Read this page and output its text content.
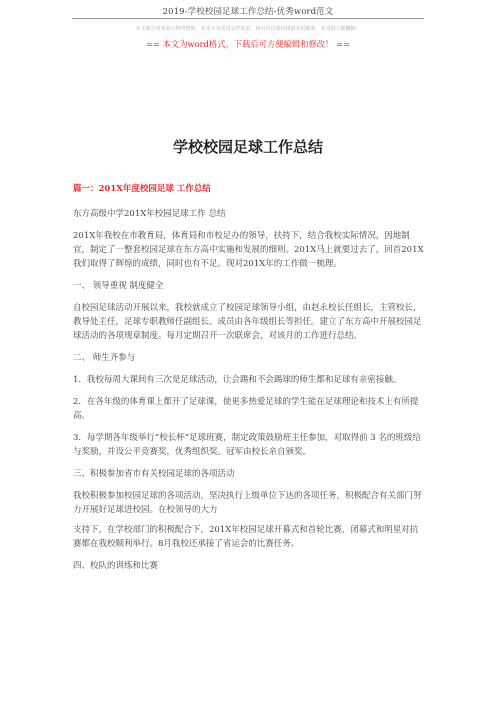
2019-学校校园足球工作总结-优秀word范文
本文部分内容来自网络整理，本司不为其真实性负责，如有异议或侵权请及时联系，本司将立即删除！
== 本文为word格式，下载后可方便编辑和修改！ ==
学校校园足球工作总结
篇一：201X年度校园足球 工作总结

东方高级中学201X年校园足球工作 总结

201X年我校在市教育局，体育局和市校足办的领导，扶持下，结合我校实际情况，因地制宜，制定了一整套校园足球在东方高中实施和发展的细则。201X马上就要过去了，回首201X我们取得了辉煌的成绩，同时也有不足。现对201X年的工作做一梳理。

一、 领导重视 制度健全

自校园足球活动开展以来，我校就成立了校园足球领导小组，由赵永校长任组长，主管校长，教导处主任，足球专职教师任副组长。成员由各年级组长等担任。建立了东方高中开展校园足球活动的各项规章制度。每月定期召开一次联席会，对该月的工作进行总结。

二、 师生齐参与

1．我校每周大课间有三次是足球活动，让会踢和不会踢球的师生都和足球有亲密接触。

2．在各年级的体育课上都开了足球课，使更多热爱足球的学生能在足球理论和技术上有所提高。

3．每学期各年级举行“校长杯”足球班赛，制定政策鼓励班主任参加，对取得前 3 名的班级给与奖励，并设公平竞赛奖，优秀组织奖。冠军由校长亲自颁奖。

三、积极参加省市有关校园足球的各项活动

我校积极参加校园足球的各项活动，坚决执行上级单位下达的各项任务，积极配合有关部门努力开展好足球进校园。在校领导的大力

支持下，在学校部门的积极配合下，201X年校园足球开幕式和首轮比赛，闭幕式和明星对抗赛都在我校顺利举行。8月我校还承接了省运会的比赛任务。

四、校队的训练和比赛
